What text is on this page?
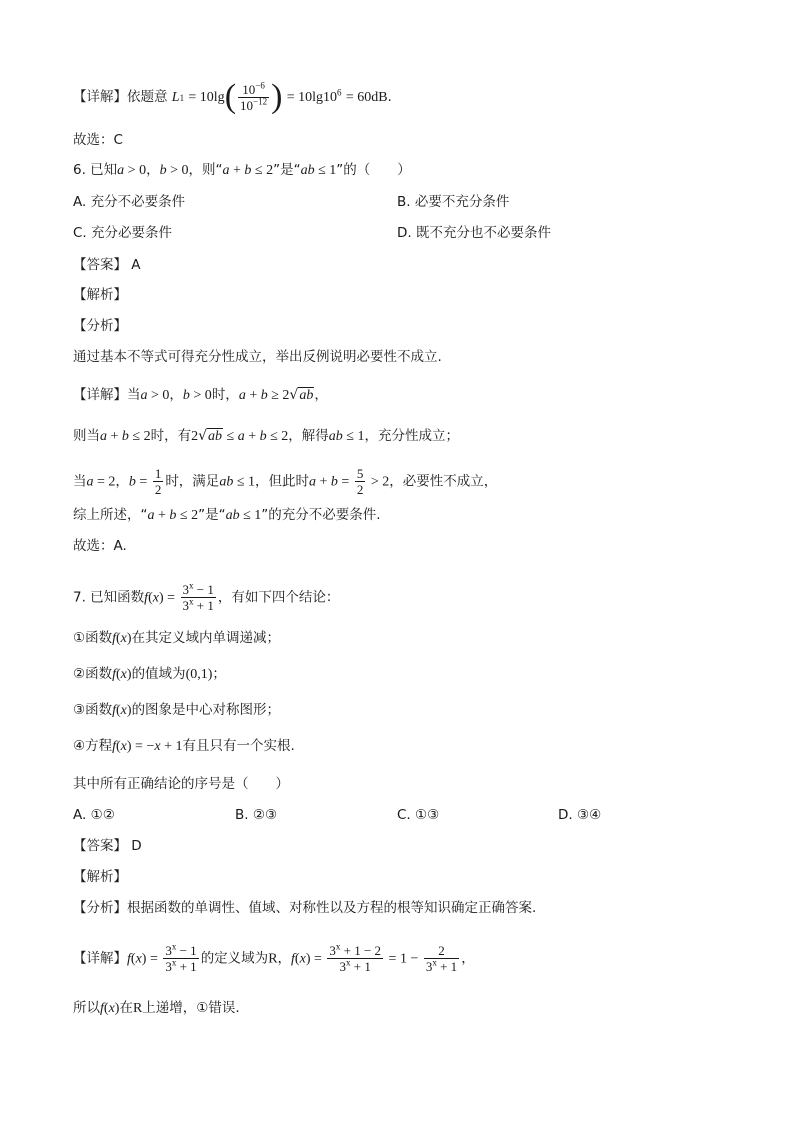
【详解】依题意 $L1 = 10\lg( \frac{10^{-6}}{10^{-12}}$ ) = $10\lg 10^6 = 60dB$.
故选：C
6. 已知a > 0，b > 0，则“a + b ≤ 2”是“ab ≤ 1”的（　　）
A. 充分不必要条件	B. 必要不充分条件
C. 充分必要条件	D. 既不充分也不必要条件
【答案】 A
【解析】
【分析】
通过基本不等式可得充分性成立，举出反例说明必要性不成立.
【详解】当a > 0，b > 0时，a + b ≥ 2√ab，
则当a + b ≤ 2时，有2√ab ≤ a + b ≤ 2，解得ab ≤ 1，充分性成立；
当a = 2，$b = \frac{1}{2}$ 时，满足ab ≤ 1，但此时$a + b = \frac{5}{2} > 2$，必要性不成立，
综上所述，“a + b ≤ 2”是“ab ≤ 1”的充分不必要条件.
故选：A.
7. 已知函数$f(x) = \frac{3^x - 1}{3^x + 1}$ ，有如下四个结论：
①函数f(x)在其定义域内单调递减；
②函数f(x)的值域为(0,1)；
③函数f(x)的图象是中心对称图形；
④方程f(x) = −x + 1有且只有一个实根.
其中所有正确结论的序号是（　　）
A. ①②	B. ②③	C. ①③	D. ③④
【答案】 D
【解析】
【分析】根据函数的单调性、值域、对称性以及方程的根等知识确定正确答案.
【详解】$f(x) = \frac{3^x - 1}{3^x + 1}$ 的定义域为R，$f(x) = \frac{3^x + 1 - 2}{3^x + 1} = 1 - \frac{2}{3^x + 1}$ ，
所以f(x)在R上递增，①错误.
